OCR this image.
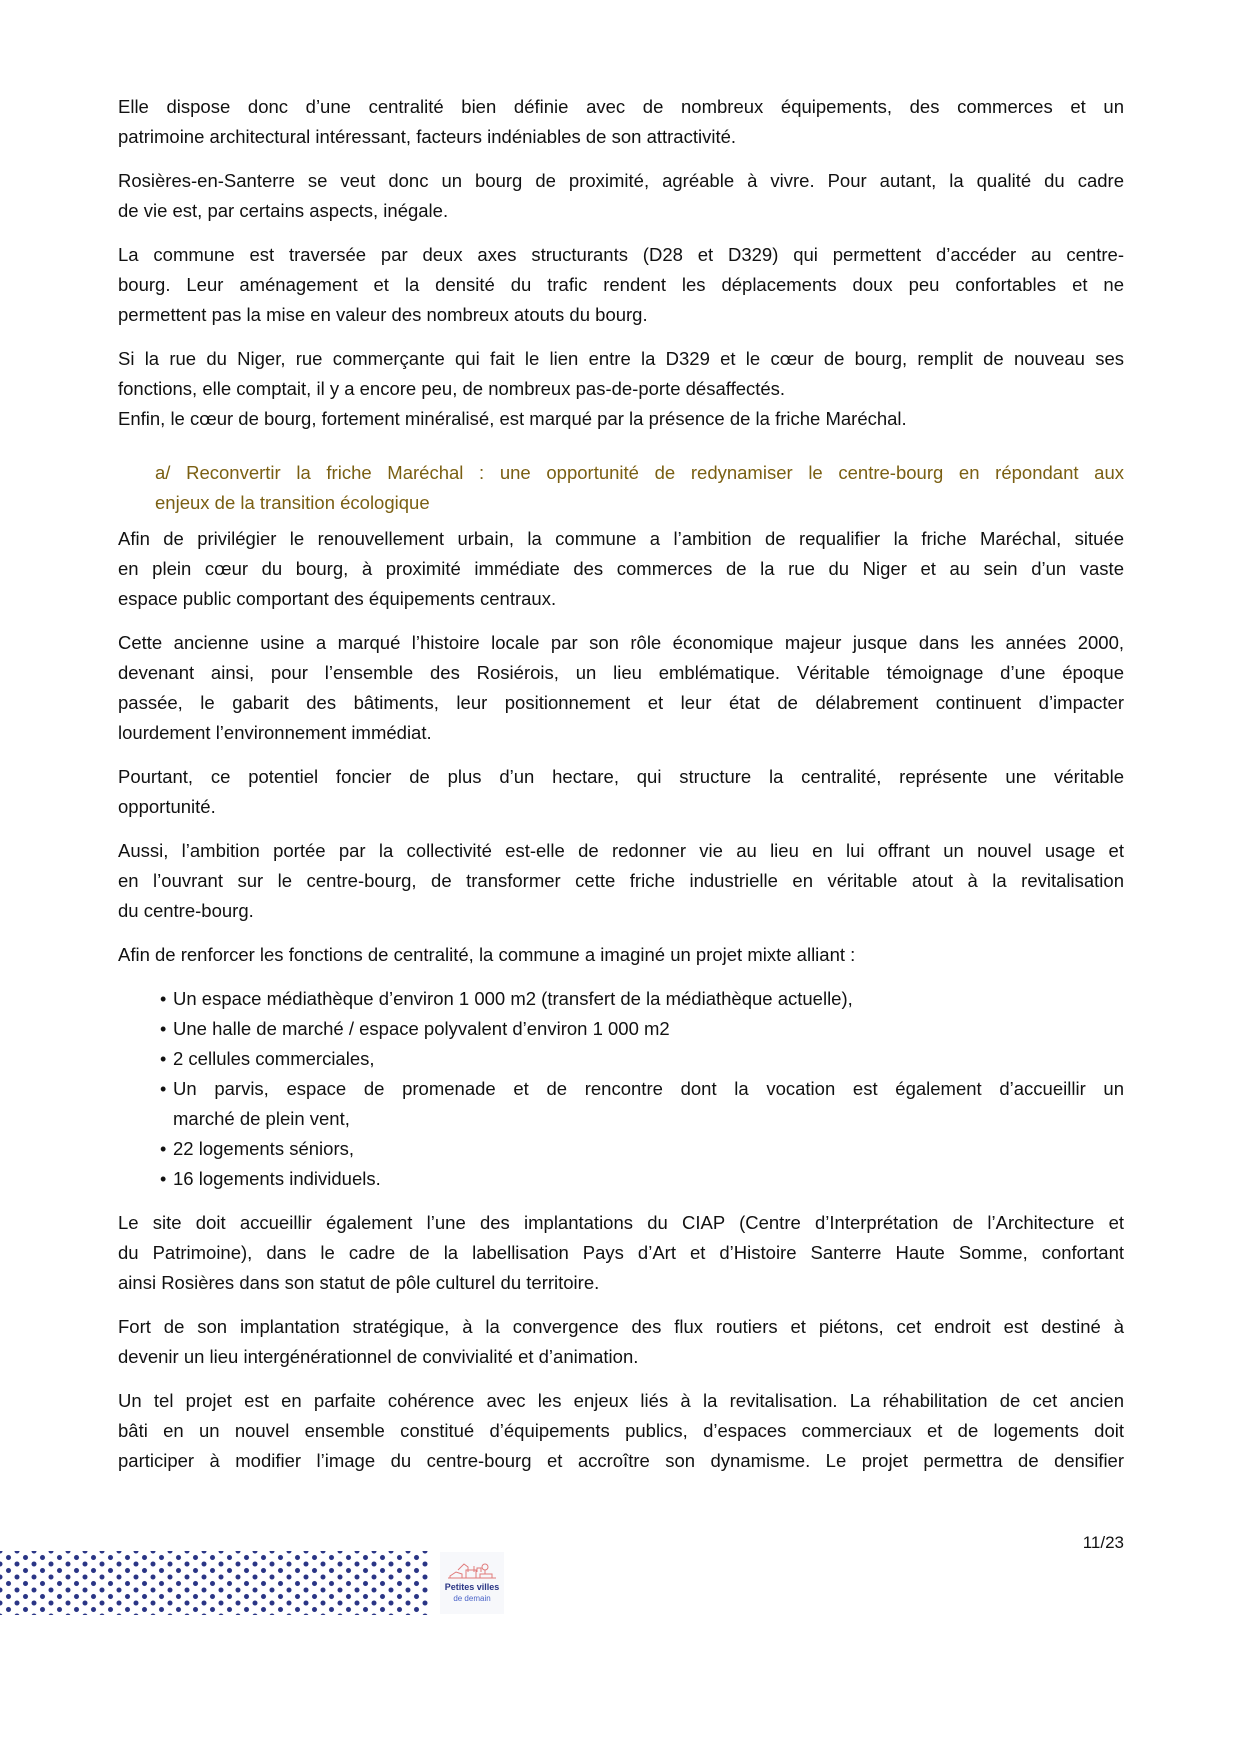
Elle dispose donc d’une centralité bien définie avec de nombreux équipements, des commerces et un
patrimoine architectural intéressant, facteurs indéniables de son attractivité.

Rosières-en-Santerre se veut donc un bourg de proximité, agréable à vivre. Pour autant, la qualité du cadre
de vie est, par certains aspects, inégale.

La commune est traversée par deux axes structurants (D28 et D329) qui permettent d’accéder au centre-
bourg. Leur aménagement et la densité du trafic rendent les déplacements doux peu confortables et ne
permettent pas la mise en valeur des nombreux atouts du bourg.

Si la rue du Niger, rue commerçante qui fait le lien entre la D329 et le cœur de bourg, remplit de nouveau ses
fonctions, elle comptait, il y a encore peu, de nombreux pas-de-porte désaffectés.
Enfin, le cœur de bourg, fortement minéralisé, est marqué par la présence de la friche Maréchal.

a/ Reconvertir la friche Maréchal : une opportunité de redynamiser le centre-bourg en répondant aux
enjeux de la transition écologique

Afin de privilégier le renouvellement urbain, la commune a l’ambition de requalifier la friche Maréchal, située
en plein cœur du bourg, à proximité immédiate des commerces de la rue du Niger et au sein d’un vaste
espace public comportant des équipements centraux.

Cette ancienne usine a marqué l’histoire locale par son rôle économique majeur jusque dans les années 2000,
devenant ainsi, pour l’ensemble des Rosiérois, un lieu emblématique. Véritable témoignage d’une époque
passée, le gabarit des bâtiments, leur positionnement et leur état de délabrement continuent d’impacter
lourdement l’environnement immédiat.

Pourtant, ce potentiel foncier de plus d’un hectare, qui structure la centralité, représente une véritable
opportunité.

Aussi, l’ambition portée par la collectivité est-elle de redonner vie au lieu en lui offrant un nouvel usage et
en l’ouvrant sur le centre-bourg, de transformer cette friche industrielle en véritable atout à la revitalisation
du centre-bourg.

Afin de renforcer les fonctions de centralité, la commune a imaginé un projet mixte alliant :

• Un espace médiathèque d’environ 1 000 m2 (transfert de la médiathèque actuelle),
• Une halle de marché / espace polyvalent d’environ 1 000 m2
• 2 cellules commerciales,
• Un parvis, espace de promenade et de rencontre dont la vocation est également d’accueillir un
marché de plein vent,
• 22 logements séniors,
• 16 logements individuels.

Le site doit accueillir également l’une des implantations du CIAP (Centre d’Interprétation de l’Architecture et
du Patrimoine), dans le cadre de la labellisation Pays d’Art et d’Histoire Santerre Haute Somme, confortant
ainsi Rosières dans son statut de pôle culturel du territoire.

Fort de son implantation stratégique, à la convergence des flux routiers et piétons, cet endroit est destiné à
devenir un lieu intergénérationnel de convivialité et d’animation.

Un tel projet est en parfaite cohérence avec les enjeux liés à la revitalisation. La réhabilitation de cet ancien
bâti en un nouvel ensemble constitué d’équipements publics, d’espaces commerciaux et de logements doit
participer à modifier l’image du centre-bourg et accroître son dynamisme. Le projet permettra de densifier

11/23
Petites villes
de demain
